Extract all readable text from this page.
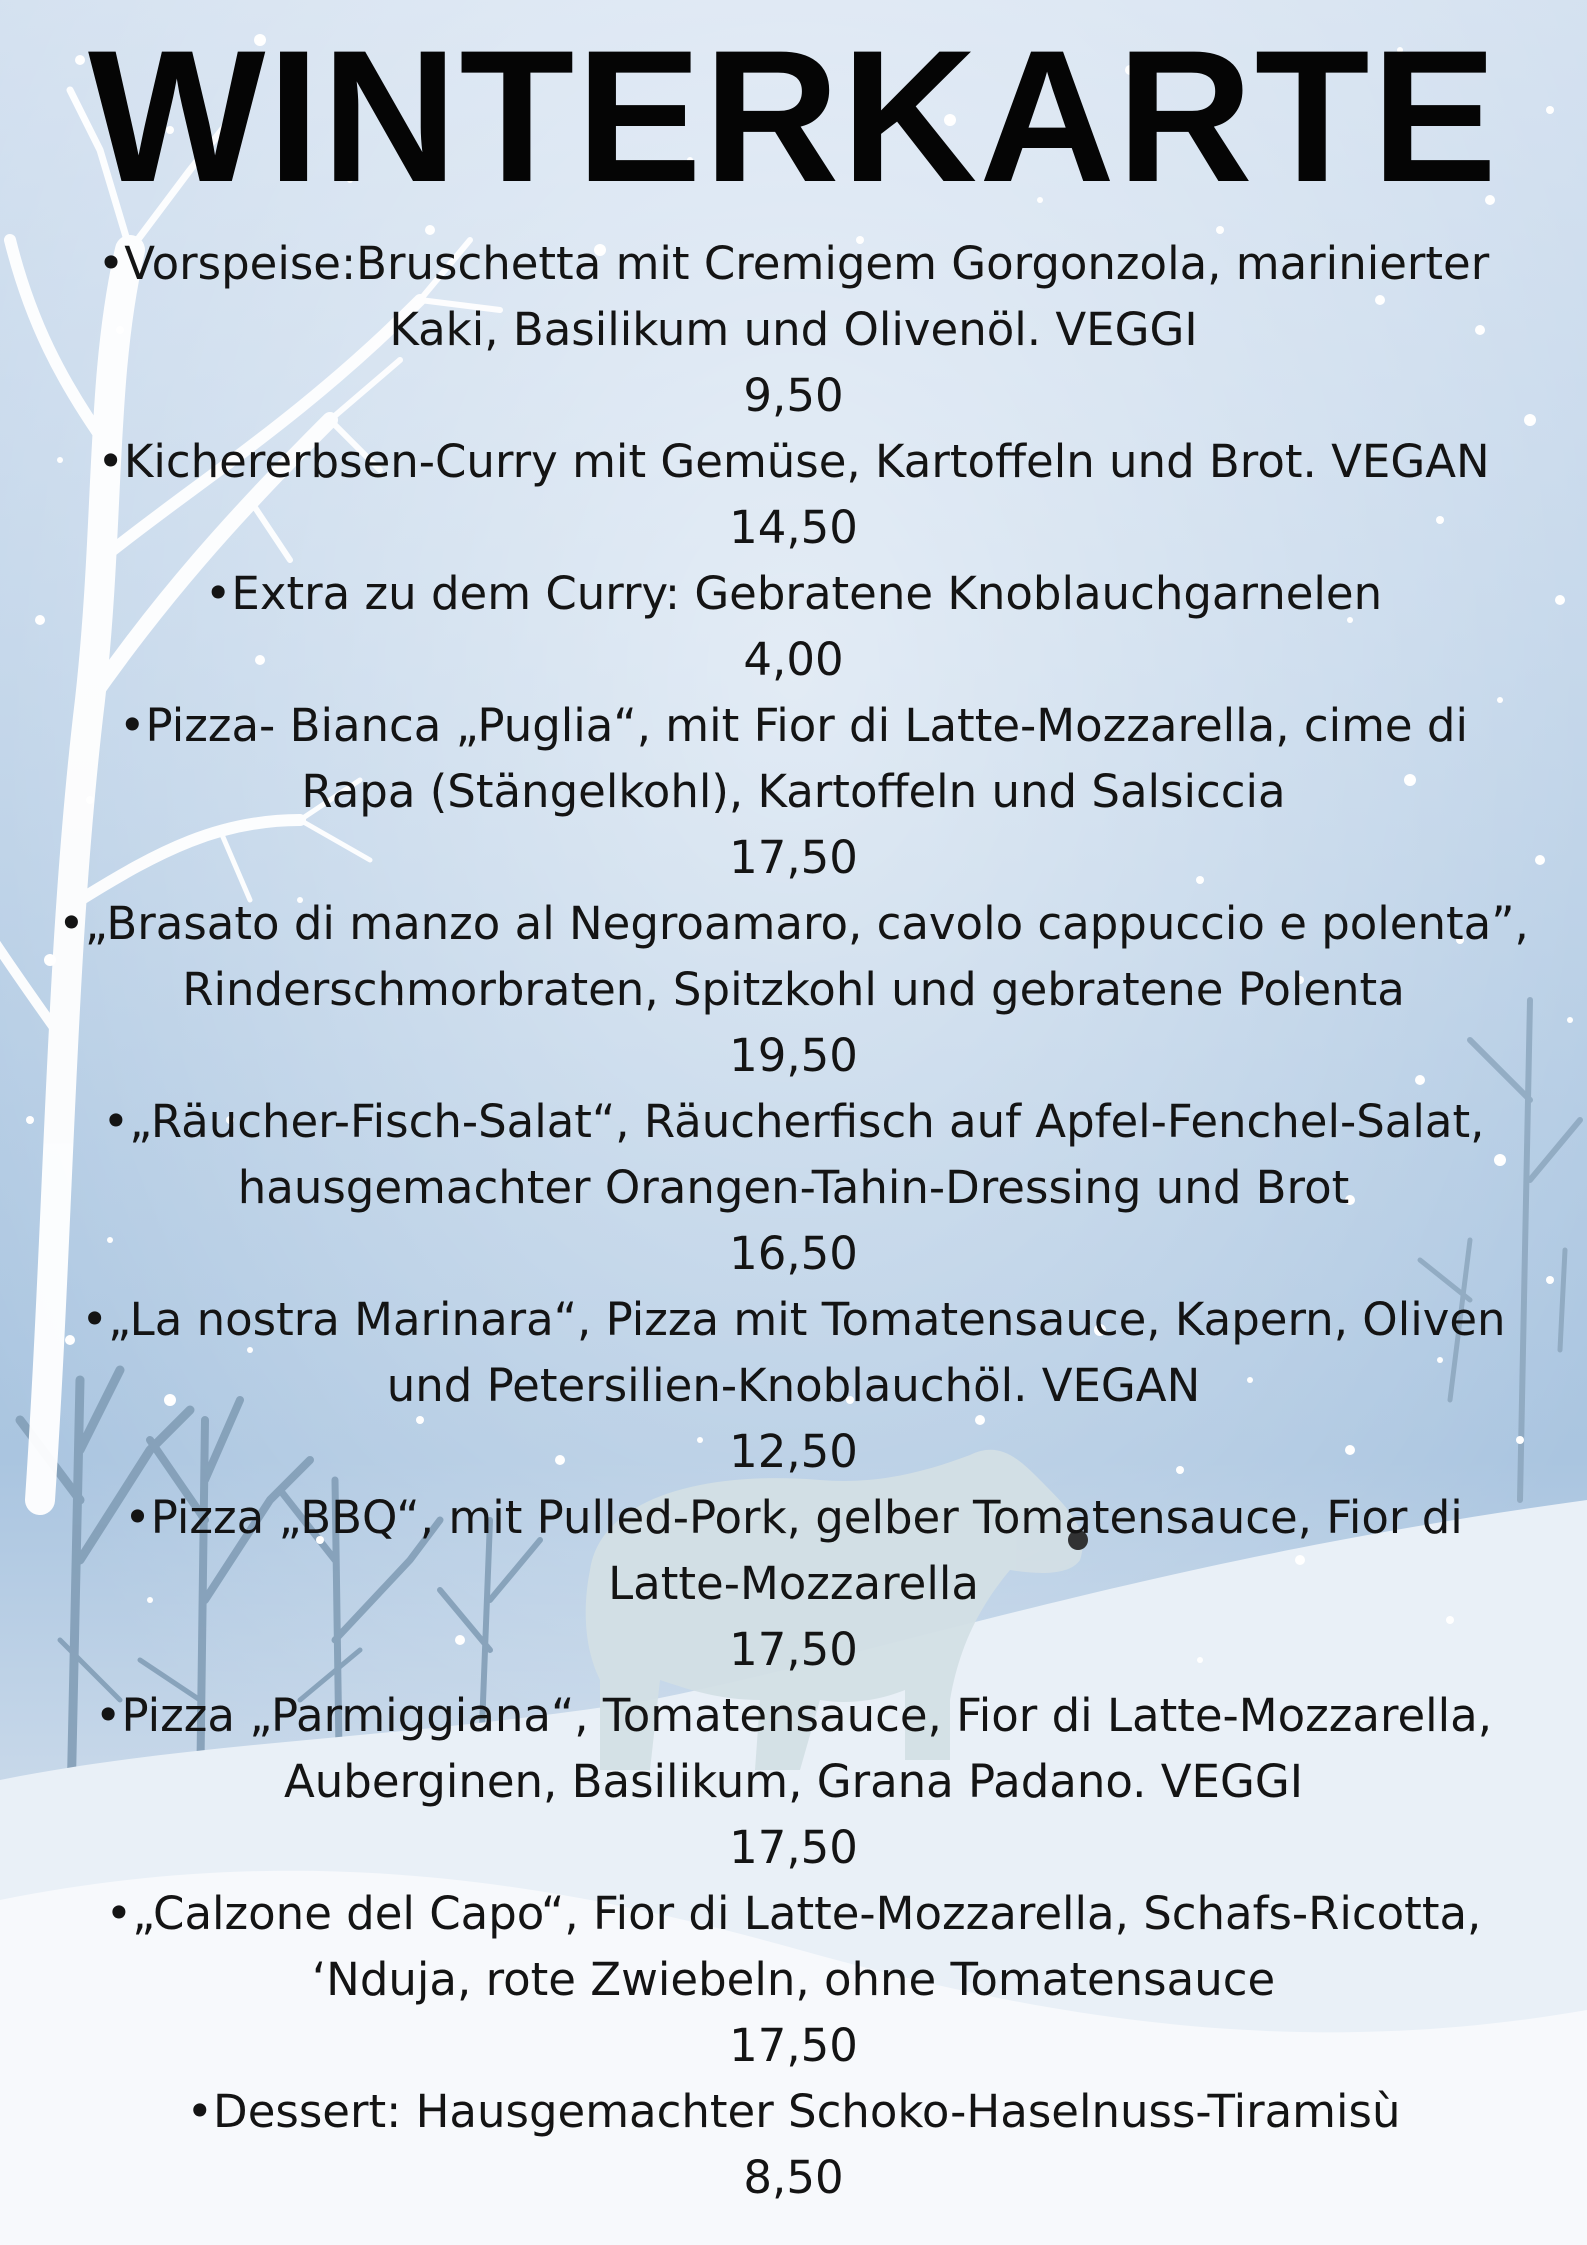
WINTERKARTE
•Vorspeise:Bruschetta mit Cremigem Gorgonzola, marinierter
Kaki, Basilikum und Olivenöl. VEGGI
9,50
•Kichererbsen-Curry mit Gemüse, Kartoffeln und Brot. VEGAN
14,50
•Extra zu dem Curry: Gebratene Knoblauchgarnelen
4,00
•Pizza- Bianca „Puglia“, mit Fior di Latte-Mozzarella, cime di
Rapa (Stängelkohl), Kartoffeln und Salsiccia
17,50
•„Brasato di manzo al Negroamaro, cavolo cappuccio e polenta”,
Rinderschmorbraten, Spitzkohl und gebratene Polenta
19,50
•„Räucher-Fisch-Salat“, Räucherfisch auf Apfel-Fenchel-Salat,
hausgemachter Orangen-Tahin-Dressing und Brot
16,50
•„La nostra Marinara“, Pizza mit Tomatensauce, Kapern, Oliven
und Petersilien-Knoblauchöl. VEGAN
12,50
•Pizza „BBQ“, mit Pulled-Pork, gelber Tomatensauce, Fior di
Latte-Mozzarella
17,50
•Pizza „Parmiggiana“, Tomatensauce, Fior di Latte-Mozzarella,
Auberginen, Basilikum, Grana Padano. VEGGI
17,50
•„Calzone del Capo“, Fior di Latte-Mozzarella, Schafs-Ricotta,
‘Nduja, rote Zwiebeln, ohne Tomatensauce
17,50
•Dessert: Hausgemachter Schoko-Haselnuss-Tiramisù
8,50
